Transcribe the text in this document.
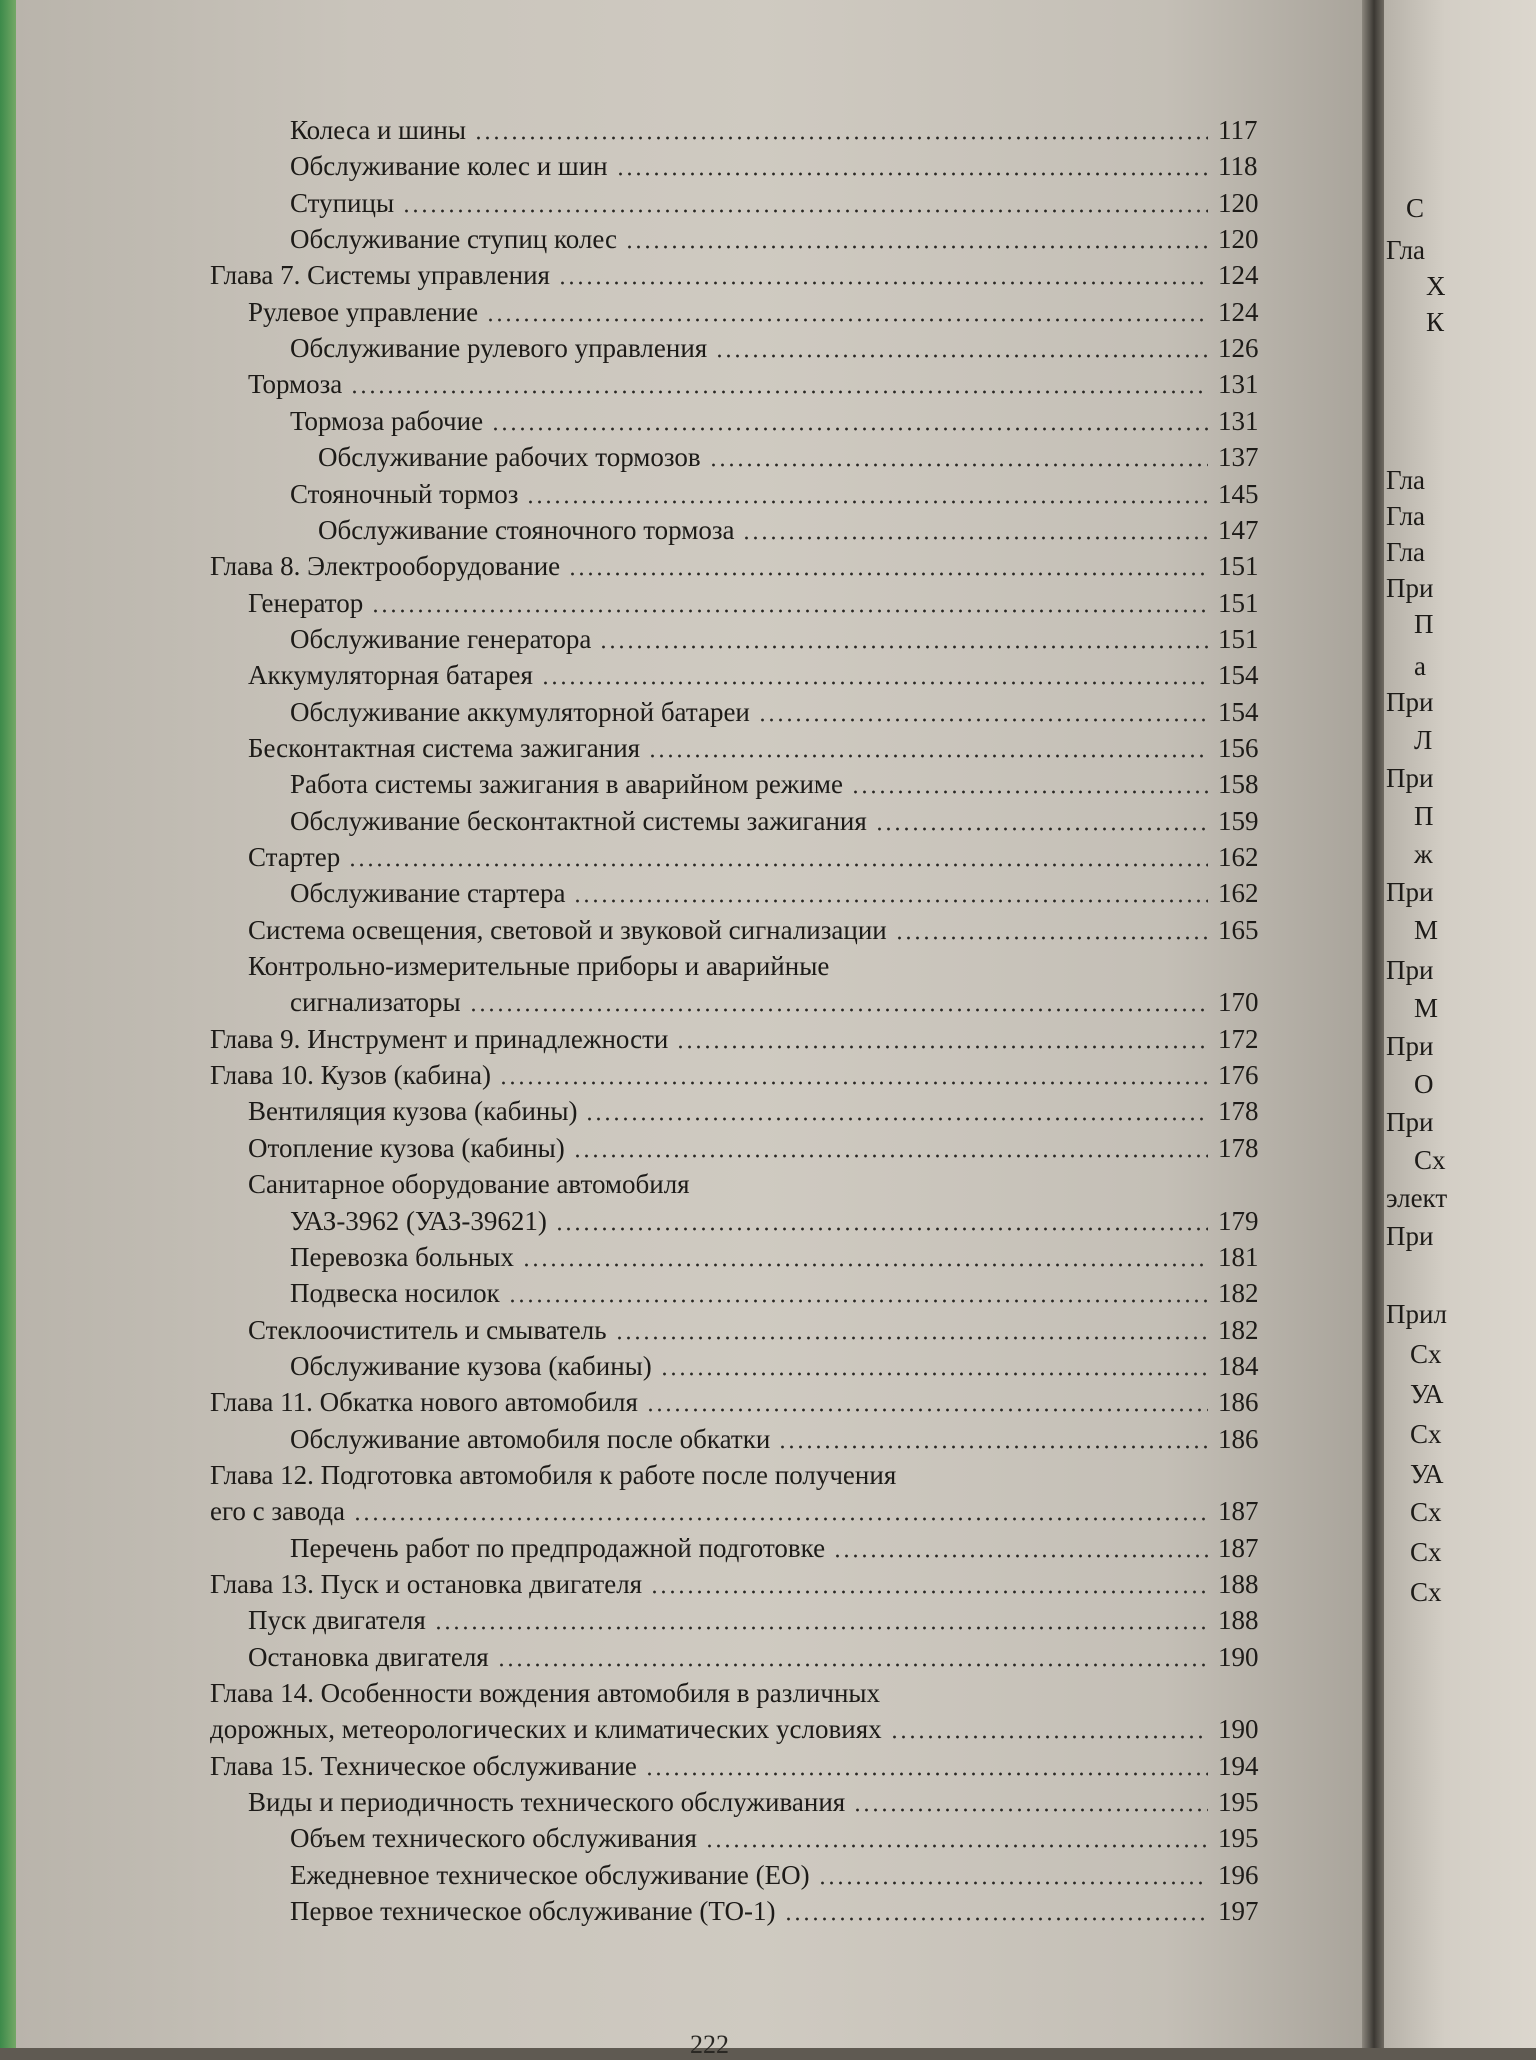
С
Гла
Х
К
Гла
Гла
Гла
При
П
а
При
Л
При
П
ж
При
М
При
М
При
О
При
Сх
элект
При
Прил
Сх
УА
Сх
УА
Сх
Сх
Сх
Колеса и шины	117
Обслуживание колес и шин	118
Ступицы	120
Обслуживание ступиц колес	120
Глава 7. Системы управления	124
Рулевое управление	124
Обслуживание рулевого управления	126
Тормоза	131
Тормоза рабочие	131
Обслуживание рабочих тормозов	137
Стояночный тормоз	145
Обслуживание стояночного тормоза	147
Глава 8. Электрооборудование	151
Генератор	151
Обслуживание генератора	151
Аккумуляторная батарея	154
Обслуживание аккумуляторной батареи	154
Бесконтактная система зажигания	156
Работа системы зажигания в аварийном режиме	158
Обслуживание бесконтактной системы зажигания	159
Стартер	162
Обслуживание стартера	162
Система освещения, световой и звуковой сигнализации	165
Контрольно-измерительные приборы и аварийные
сигнализаторы	170
Глава 9. Инструмент и принадлежности	172
Глава 10. Кузов (кабина)	176
Вентиляция кузова (кабины)	178
Отопление кузова (кабины)	178
Санитарное оборудование автомобиля
УАЗ-3962 (УАЗ-39621)	179
Перевозка больных	181
Подвеска носилок	182
Стеклоочиститель и смыватель	182
Обслуживание кузова (кабины)	184
Глава 11. Обкатка нового автомобиля	186
Обслуживание автомобиля после обкатки	186
Глава 12. Подготовка автомобиля к работе после получения
его с завода	187
Перечень работ по предпродажной подготовке	187
Глава 13. Пуск и остановка двигателя	188
Пуск двигателя	188
Остановка двигателя	190
Глава 14. Особенности вождения автомобиля в различных
дорожных, метеорологических и климатических условиях	190
Глава 15. Техническое обслуживание	194
Виды и периодичность технического обслуживания	195
Объем технического обслуживания	195
Ежедневное техническое обслуживание (ЕО)	196
Первое техническое обслуживание (ТО-1)	197
222
